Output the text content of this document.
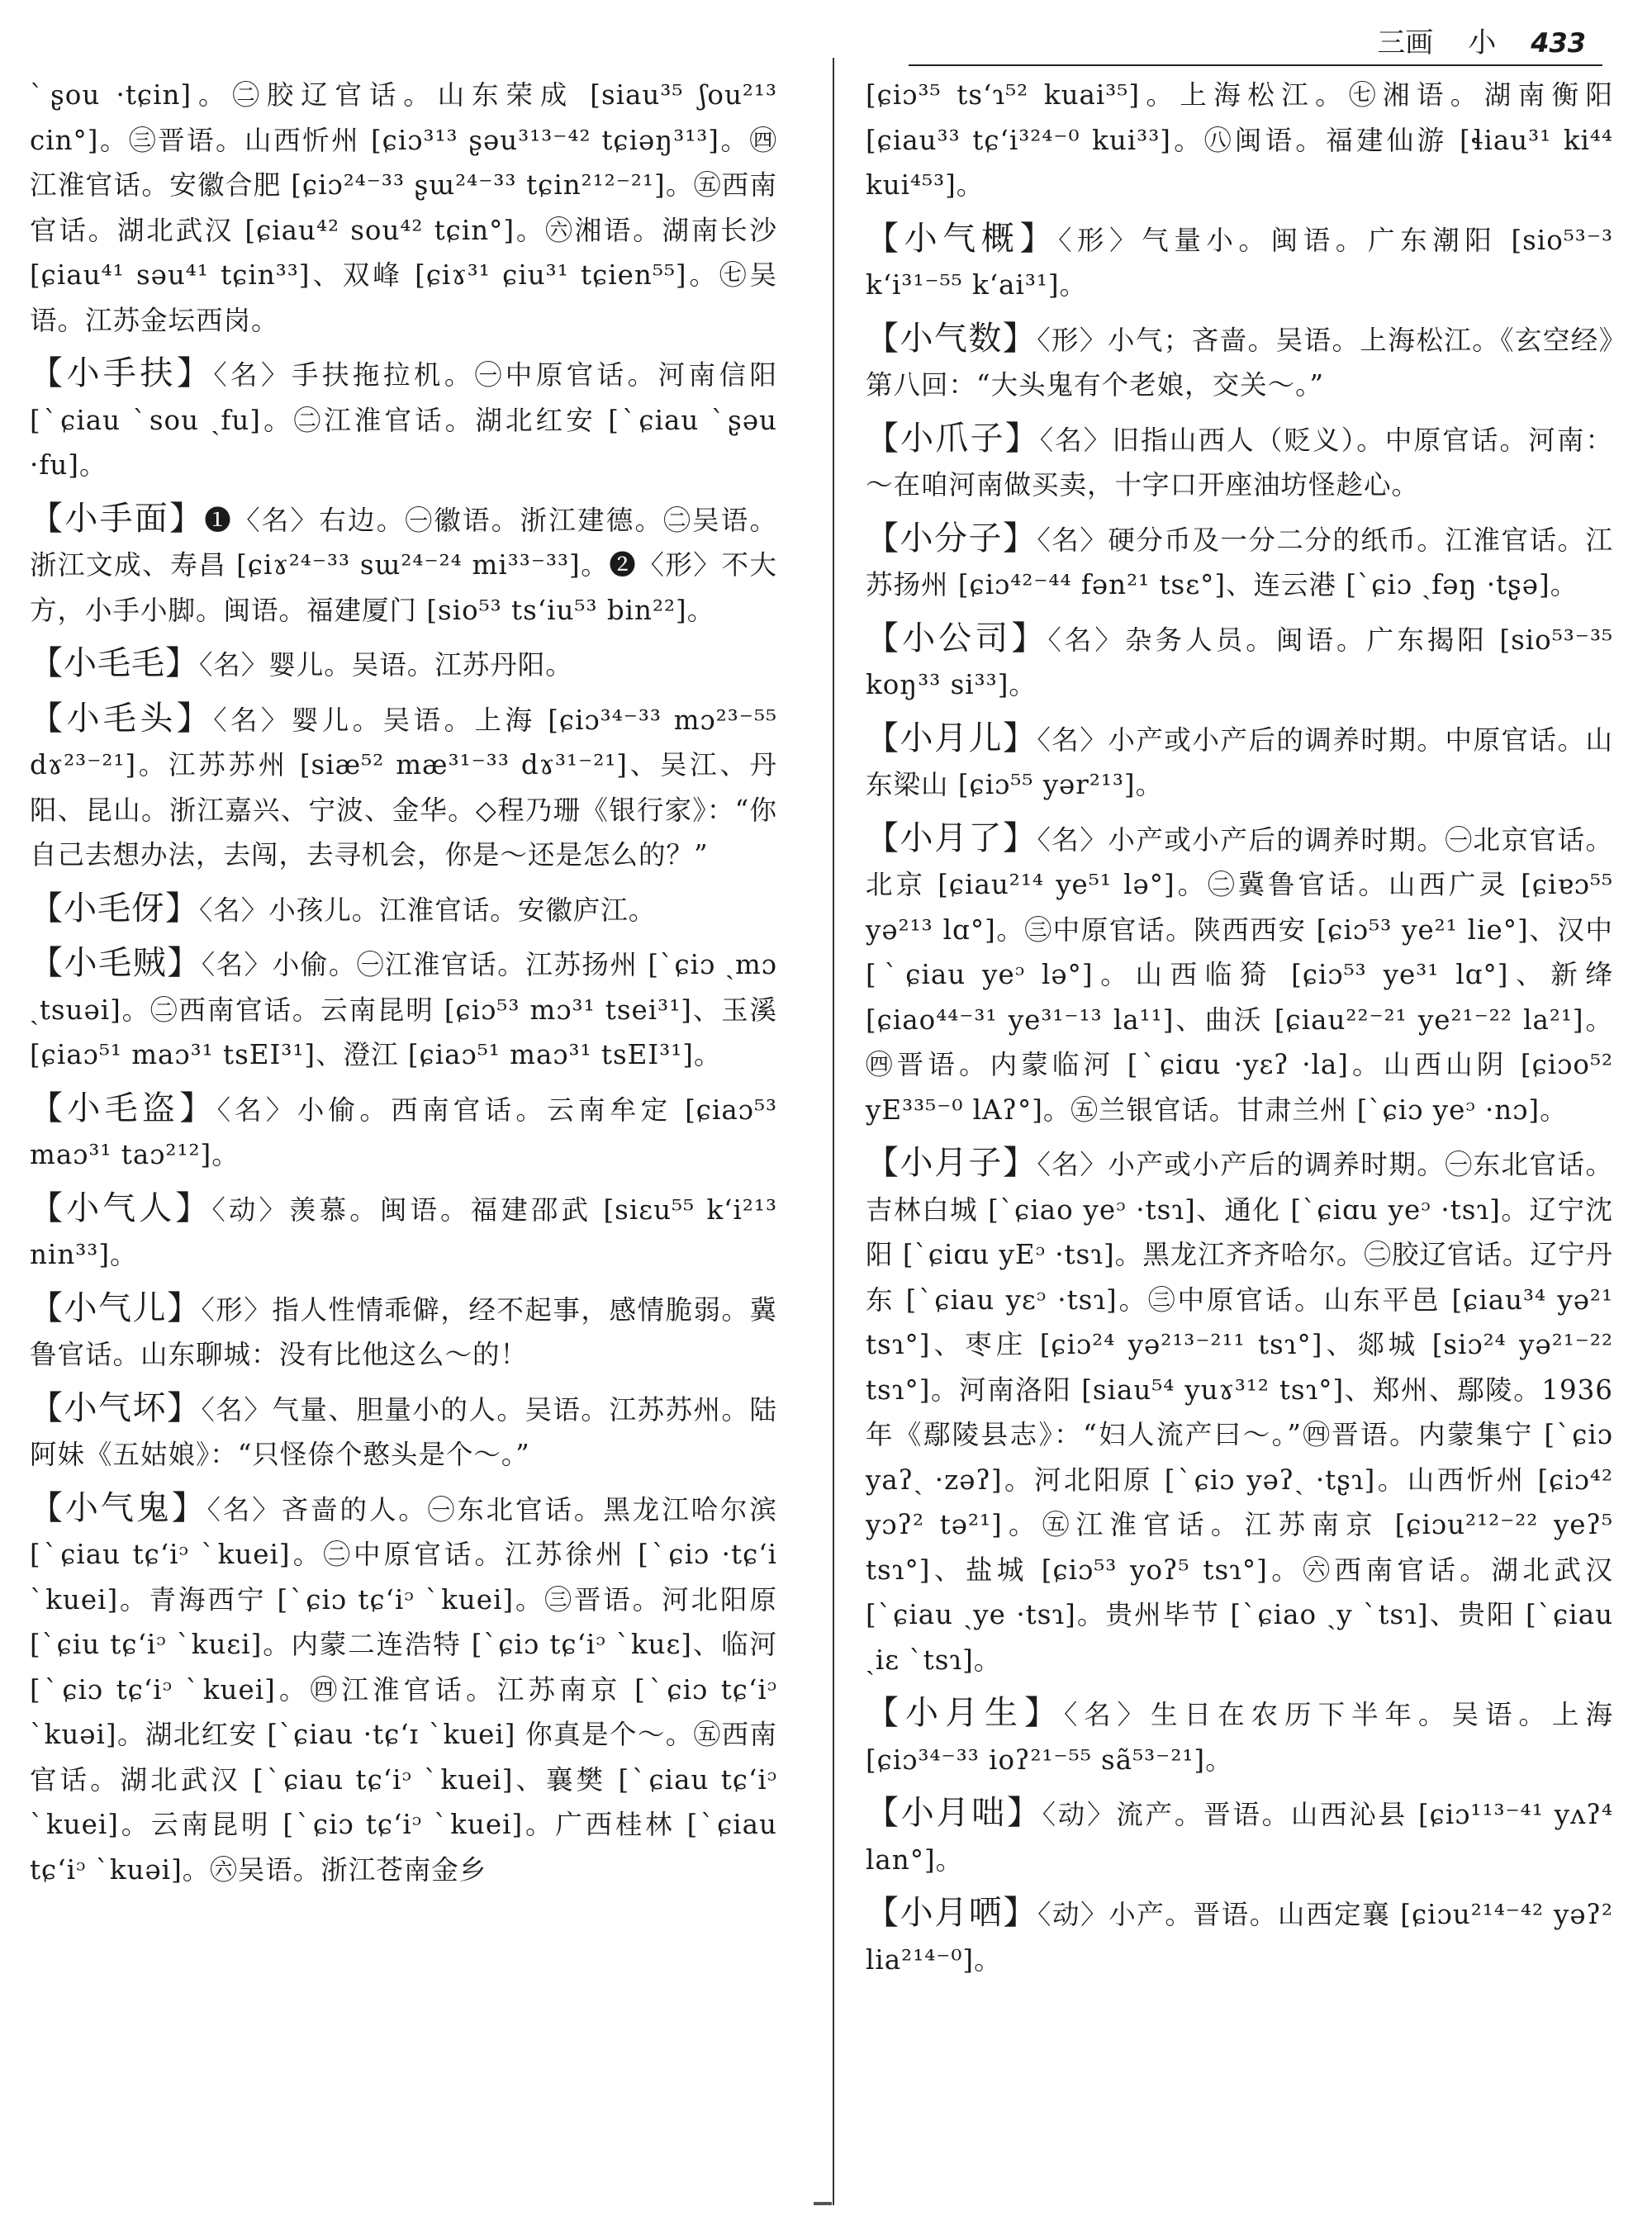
三画 小 433

ˋʂou ·tɕin]。㊁胶辽官话。山东荣成 [siau³⁵ ʃou²¹³ cin°]。㊂晋语。山西忻州 [ɕiɔ³¹³ ʂəu³¹³⁻⁴² tɕiəŋ³¹³]。㊃江淮官话。安徽合肥 [ɕiɔ²⁴⁻³³ ʂɯ²⁴⁻³³ tɕin²¹²⁻²¹]。㊄西南官话。湖北武汉 [ɕiau⁴² sou⁴² tɕin°]。㊅湘语。湖南长沙 [ɕiau⁴¹ səu⁴¹ tɕin³³]、双峰 [ɕiɤ³¹ ɕiu³¹ tɕien⁵⁵]。㊆吴语。江苏金坛西岗。

【小手扶】〈名〉手扶拖拉机。㊀中原官话。河南信阳 [ˋɕiau ˋsou ˎfu]。㊁江淮官话。湖北红安 [ˋɕiau ˋʂəu ·fu]。

【小手面】❶〈名〉右边。㊀徽语。浙江建德。㊁吴语。浙江文成、寿昌 [ɕiɤ²⁴⁻³³ sɯ²⁴⁻²⁴ mi³³⁻³³]。❷〈形〉不大方，小手小脚。闽语。福建厦门 [sio⁵³ tsʻiu⁵³ bin²²]。

【小毛毛】〈名〉婴儿。吴语。江苏丹阳。

【小毛头】〈名〉婴儿。吴语。上海 [ɕiɔ³⁴⁻³³ mɔ²³⁻⁵⁵ dɤ²³⁻²¹]。江苏苏州 [siæ⁵² mæ³¹⁻³³ dɤ³¹⁻²¹]、吴江、丹阳、昆山。浙江嘉兴、宁波、金华。◇程乃珊《银行家》：“你自己去想办法，去闯，去寻机会，你是～还是怎么的？”

【小毛伢】〈名〉小孩儿。江淮官话。安徽庐江。

【小毛贼】〈名〉小偷。㊀江淮官话。江苏扬州 [ˋɕiɔ ˎmɔ ˎtsuəi]。㊁西南官话。云南昆明 [ɕiɔ⁵³ mɔ³¹ tsei³¹]、玉溪 [ɕiaɔ⁵¹ maɔ³¹ tsEI³¹]、澄江 [ɕiaɔ⁵¹ maɔ³¹ tsEI³¹]。

【小毛盗】〈名〉小偷。西南官话。云南牟定 [ɕiaɔ⁵³ maɔ³¹ taɔ²¹²]。

【小气人】〈动〉羡慕。闽语。福建邵武 [siɛu⁵⁵ kʻi²¹³ nin³³]。

【小气儿】〈形〉指人性情乖僻，经不起事，感情脆弱。冀鲁官话。山东聊城：没有比他这么～的！

【小气坏】〈名〉气量、胆量小的人。吴语。江苏苏州。陆阿妹《五姑娘》：“只怪倷个憨头是个～。”

【小气鬼】〈名〉吝啬的人。㊀东北官话。黑龙江哈尔滨 [ˋɕiau tɕʻiᵓ ˋkuei]。㊁中原官话。江苏徐州 [ˋɕiɔ ·tɕʻi ˋkuei]。青海西宁 [ˋɕiɔ tɕʻiᵓ ˋkuei]。㊂晋语。河北阳原 [ˋɕiu tɕʻiᵓ ˋkuɛi]。内蒙二连浩特 [ˋɕiɔ tɕʻiᵓ ˋkuɛ]、临河 [ˋɕiɔ tɕʻiᵓ ˋkuei]。㊃江淮官话。江苏南京 [ˋɕiɔ tɕʻiᵓ ˋkuəi]。湖北红安 [ˋɕiau ·tɕʻɪ ˋkuei] 你真是个～。㊄西南官话。湖北武汉 [ˋɕiau tɕʻiᵓ ˋkuei]、襄樊 [ˋɕiau tɕʻiᵓ ˋkuei]。云南昆明 [ˋɕiɔ tɕʻiᵓ ˋkuei]。广西桂林 [ˋɕiau tɕʻiᵓ ˋkuəi]。㊅吴语。浙江苍南金乡

[ɕiɔ³⁵ tsʻɿ⁵² kuai³⁵]。上海松江。㊆湘语。湖南衡阳 [ɕiau³³ tɕʻi³²⁴⁻⁰ kui³³]。㊇闽语。福建仙游 [ɬiau³¹ ki⁴⁴ kui⁴⁵³]。

【小气概】〈形〉气量小。闽语。广东潮阳 [sio⁵³⁻³ kʻi³¹⁻⁵⁵ kʻai³¹]。

【小气数】〈形〉小气；吝啬。吴语。上海松江。《玄空经》第八回：“大头鬼有个老娘，交关～。”

【小爪子】〈名〉旧指山西人（贬义）。中原官话。河南：～在咱河南做买卖，十字口开座油坊怪趁心。

【小分子】〈名〉硬分币及一分二分的纸币。江淮官话。江苏扬州 [ɕiɔ⁴²⁻⁴⁴ fən²¹ tsɛ°]、连云港 [ˋɕiɔ ˎfəŋ ·tʂə]。

【小公司】〈名〉杂务人员。闽语。广东揭阳 [sio⁵³⁻³⁵ koŋ³³ si³³]。

【小月儿】〈名〉小产或小产后的调养时期。中原官话。山东梁山 [ɕiɔ⁵⁵ yər²¹³]。

【小月了】〈名〉小产或小产后的调养时期。㊀北京官话。北京 [ɕiau²¹⁴ ye⁵¹ lə°]。㊁冀鲁官话。山西广灵 [ɕiɐɔ⁵⁵ yə²¹³ lɑ°]。㊂中原官话。陕西西安 [ɕiɔ⁵³ ye²¹ lie°]、汉中 [ˋɕiau yeᵓ lə°]。山西临猗 [ɕiɔ⁵³ ye³¹ lɑ°]、新绛 [ɕiao⁴⁴⁻³¹ ye³¹⁻¹³ la¹¹]、曲沃 [ɕiau²²⁻²¹ ye²¹⁻²² la²¹]。㊃晋语。内蒙临河 [ˋɕiɑu ·yɛʔ ·la]。山西山阴 [ɕiɔo⁵² yE³³⁵⁻⁰ lAʔ°]。㊄兰银官话。甘肃兰州 [ˋɕiɔ yeᵓ ·nɔ]。

【小月子】〈名〉小产或小产后的调养时期。㊀东北官话。吉林白城 [ˋɕiao yeᵓ ·tsɿ]、通化 [ˋɕiɑu yeᵓ ·tsɿ]。辽宁沈阳 [ˋɕiɑu yEᵓ ·tsɿ]。黑龙江齐齐哈尔。㊁胶辽官话。辽宁丹东 [ˋɕiau yɛᵓ ·tsɿ]。㊂中原官话。山东平邑 [ɕiau³⁴ yə²¹ tsɿ°]、枣庄 [ɕiɔ²⁴ yə²¹³⁻²¹¹ tsɿ°]、郯城 [siɔ²⁴ yə²¹⁻²² tsɿ°]。河南洛阳 [siau⁵⁴ yuɤ³¹² tsɿ°]、郑州、鄢陵。1936年《鄢陵县志》：“妇人流产曰～。”㊃晋语。内蒙集宁 [ˋɕiɔ yaʔˎ ·zəʔ]。河北阳原 [ˋɕiɔ yəʔˎ ·tʂɿ]。山西忻州 [ɕiɔ⁴² yɔʔ² tə²¹]。㊄江淮官话。江苏南京 [ɕiɔu²¹²⁻²² yeʔ⁵ tsɿ°]、盐城 [ɕiɔ⁵³ yoʔ⁵ tsɿ°]。㊅西南官话。湖北武汉 [ˋɕiau ˎye ·tsɿ]。贵州毕节 [ˋɕiao ˎy ˋtsɿ]、贵阳 [ˋɕiau ˎiɛ ˋtsɿ]。

【小月生】〈名〉生日在农历下半年。吴语。上海 [ɕiɔ³⁴⁻³³ ioʔ²¹⁻⁵⁵ sã⁵³⁻²¹]。

【小月咄】〈动〉流产。晋语。山西沁县 [ɕiɔ¹¹³⁻⁴¹ yʌʔ⁴ lan°]。

【小月哂】〈动〉小产。晋语。山西定襄 [ɕiɔu²¹⁴⁻⁴² yəʔ² lia²¹⁴⁻⁰]。
